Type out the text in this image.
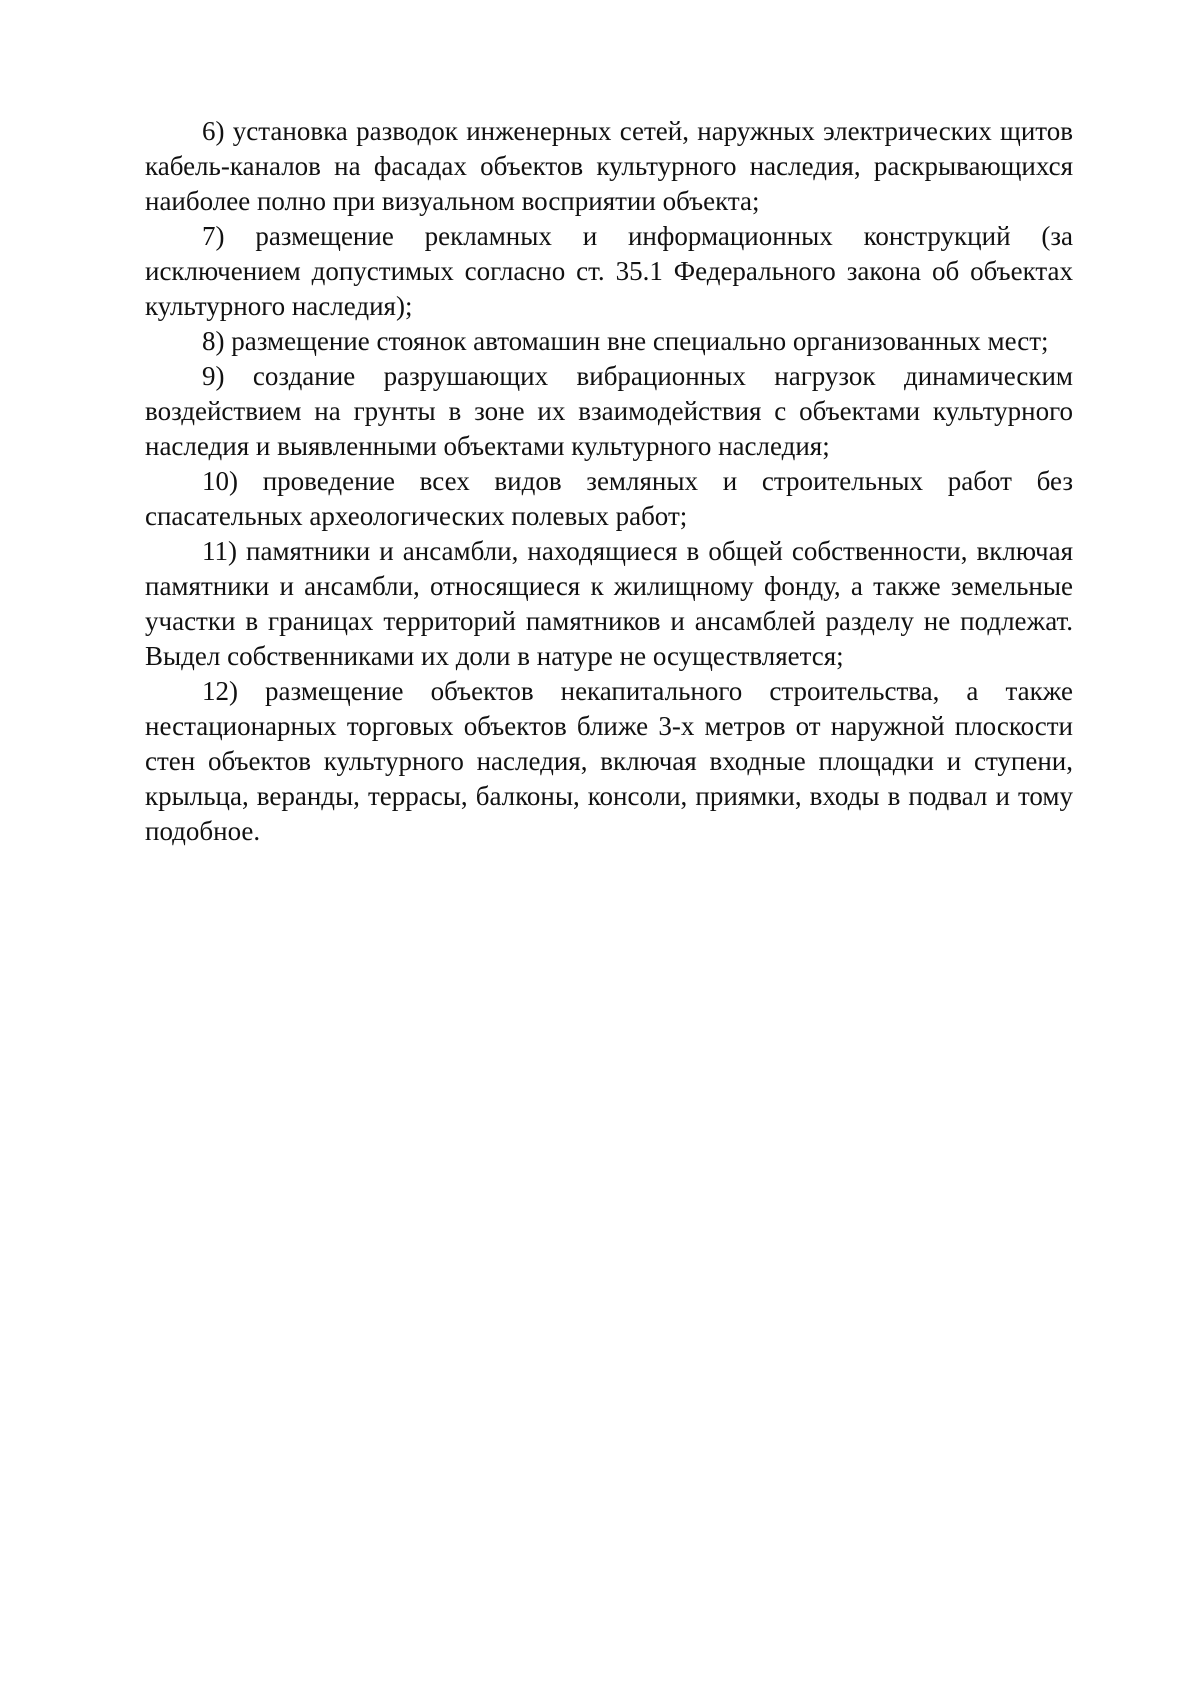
6) установка разводок инженерных сетей, наружных электрических щитов кабель-каналов на фасадах объектов культурного наследия, раскрывающихся наиболее полно при визуальном восприятии объекта;

7) размещение рекламных и информационных конструкций (за исключением допустимых согласно ст. 35.1 Федерального закона об объектах культурного наследия);

8) размещение стоянок автомашин вне специально организованных мест;

9) создание разрушающих вибрационных нагрузок динамическим воздействием на грунты в зоне их взаимодействия с объектами культурного наследия и выявленными объектами культурного наследия;

10) проведение всех видов земляных и строительных работ без спасательных археологических полевых работ;

11) памятники и ансамбли, находящиеся в общей собственности, включая памятники и ансамбли, относящиеся к жилищному фонду, а также земельные участки в границах территорий памятников и ансамблей разделу не подлежат. Выдел собственниками их доли в натуре не осуществляется;

12) размещение объектов некапитального строительства, а также нестационарных торговых объектов ближе 3-х метров от наружной плоскости стен объектов культурного наследия, включая входные площадки и ступени, крыльца, веранды, террасы, балконы, консоли, приямки, входы в подвал и тому подобное.
